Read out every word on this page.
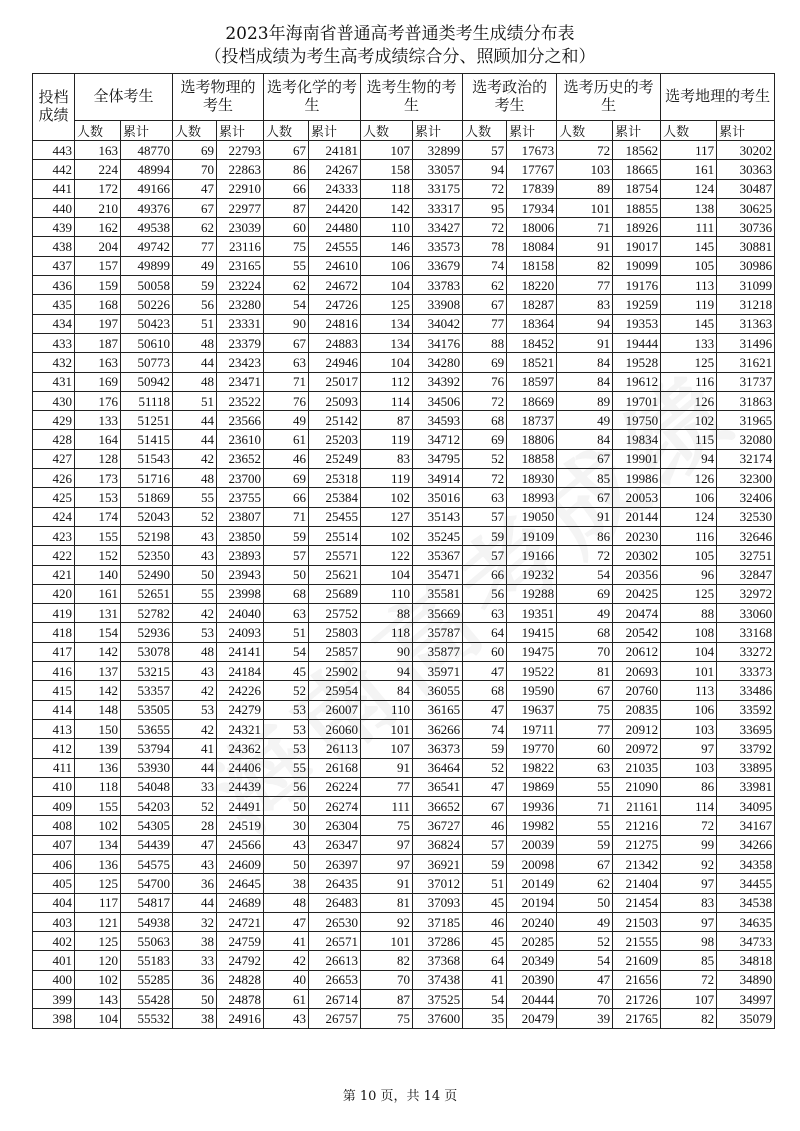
2023年海南省普通高考普通类考生成绩分布表
（投档成绩为考生高考成绩综合分、照顾加分之和）
投档成绩	全体考生		选考物理的考生		选考化学的考生		选考生物的考生		选考政治的考生		选考历史的考生		选考地理的考生	
	人数	累计	人数	累计	人数	累计	人数	累计	人数	累计	人数	累计	人数	累计
443	163	48770	69	22793	67	24181	107	32899	57	17673	72	18562	117	30202
442	224	48994	70	22863	86	24267	158	33057	94	17767	103	18665	161	30363
441	172	49166	47	22910	66	24333	118	33175	72	17839	89	18754	124	30487
440	210	49376	67	22977	87	24420	142	33317	95	17934	101	18855	138	30625
439	162	49538	62	23039	60	24480	110	33427	72	18006	71	18926	111	30736
438	204	49742	77	23116	75	24555	146	33573	78	18084	91	19017	145	30881
437	157	49899	49	23165	55	24610	106	33679	74	18158	82	19099	105	30986
436	159	50058	59	23224	62	24672	104	33783	62	18220	77	19176	113	31099
435	168	50226	56	23280	54	24726	125	33908	67	18287	83	19259	119	31218
434	197	50423	51	23331	90	24816	134	34042	77	18364	94	19353	145	31363
433	187	50610	48	23379	67	24883	134	34176	88	18452	91	19444	133	31496
432	163	50773	44	23423	63	24946	104	34280	69	18521	84	19528	125	31621
431	169	50942	48	23471	71	25017	112	34392	76	18597	84	19612	116	31737
430	176	51118	51	23522	76	25093	114	34506	72	18669	89	19701	126	31863
429	133	51251	44	23566	49	25142	87	34593	68	18737	49	19750	102	31965
428	164	51415	44	23610	61	25203	119	34712	69	18806	84	19834	115	32080
427	128	51543	42	23652	46	25249	83	34795	52	18858	67	19901	94	32174
426	173	51716	48	23700	69	25318	119	34914	72	18930	85	19986	126	32300
425	153	51869	55	23755	66	25384	102	35016	63	18993	67	20053	106	32406
424	174	52043	52	23807	71	25455	127	35143	57	19050	91	20144	124	32530
423	155	52198	43	23850	59	25514	102	35245	59	19109	86	20230	116	32646
422	152	52350	43	23893	57	25571	122	35367	57	19166	72	20302	105	32751
421	140	52490	50	23943	50	25621	104	35471	66	19232	54	20356	96	32847
420	161	52651	55	23998	68	25689	110	35581	56	19288	69	20425	125	32972
419	131	52782	42	24040	63	25752	88	35669	63	19351	49	20474	88	33060
418	154	52936	53	24093	51	25803	118	35787	64	19415	68	20542	108	33168
417	142	53078	48	24141	54	25857	90	35877	60	19475	70	20612	104	33272
416	137	53215	43	24184	45	25902	94	35971	47	19522	81	20693	101	33373
415	142	53357	42	24226	52	25954	84	36055	68	19590	67	20760	113	33486
414	148	53505	53	24279	53	26007	110	36165	47	19637	75	20835	106	33592
413	150	53655	42	24321	53	26060	101	36266	74	19711	77	20912	103	33695
412	139	53794	41	24362	53	26113	107	36373	59	19770	60	20972	97	33792
411	136	53930	44	24406	55	26168	91	36464	52	19822	63	21035	103	33895
410	118	54048	33	24439	56	26224	77	36541	47	19869	55	21090	86	33981
409	155	54203	52	24491	50	26274	111	36652	67	19936	71	21161	114	34095
408	102	54305	28	24519	30	26304	75	36727	46	19982	55	21216	72	34167
407	134	54439	47	24566	43	26347	97	36824	57	20039	59	21275	99	34266
406	136	54575	43	24609	50	26397	97	36921	59	20098	67	21342	92	34358
405	125	54700	36	24645	38	26435	91	37012	51	20149	62	21404	97	34455
404	117	54817	44	24689	48	26483	81	37093	45	20194	50	21454	83	34538
403	121	54938	32	24721	47	26530	92	37185	46	20240	49	21503	97	34635
402	125	55063	38	24759	41	26571	101	37286	45	20285	52	21555	98	34733
401	120	55183	33	24792	42	26613	82	37368	64	20349	54	21609	85	34818
400	102	55285	36	24828	40	26653	70	37438	41	20390	47	21656	72	34890
399	143	55428	50	24878	61	26714	87	37525	54	20444	70	21726	107	34997
398	104	55532	38	24916	43	26757	75	37600	35	20479	39	21765	82	35079
第 10 页，共 14 页
